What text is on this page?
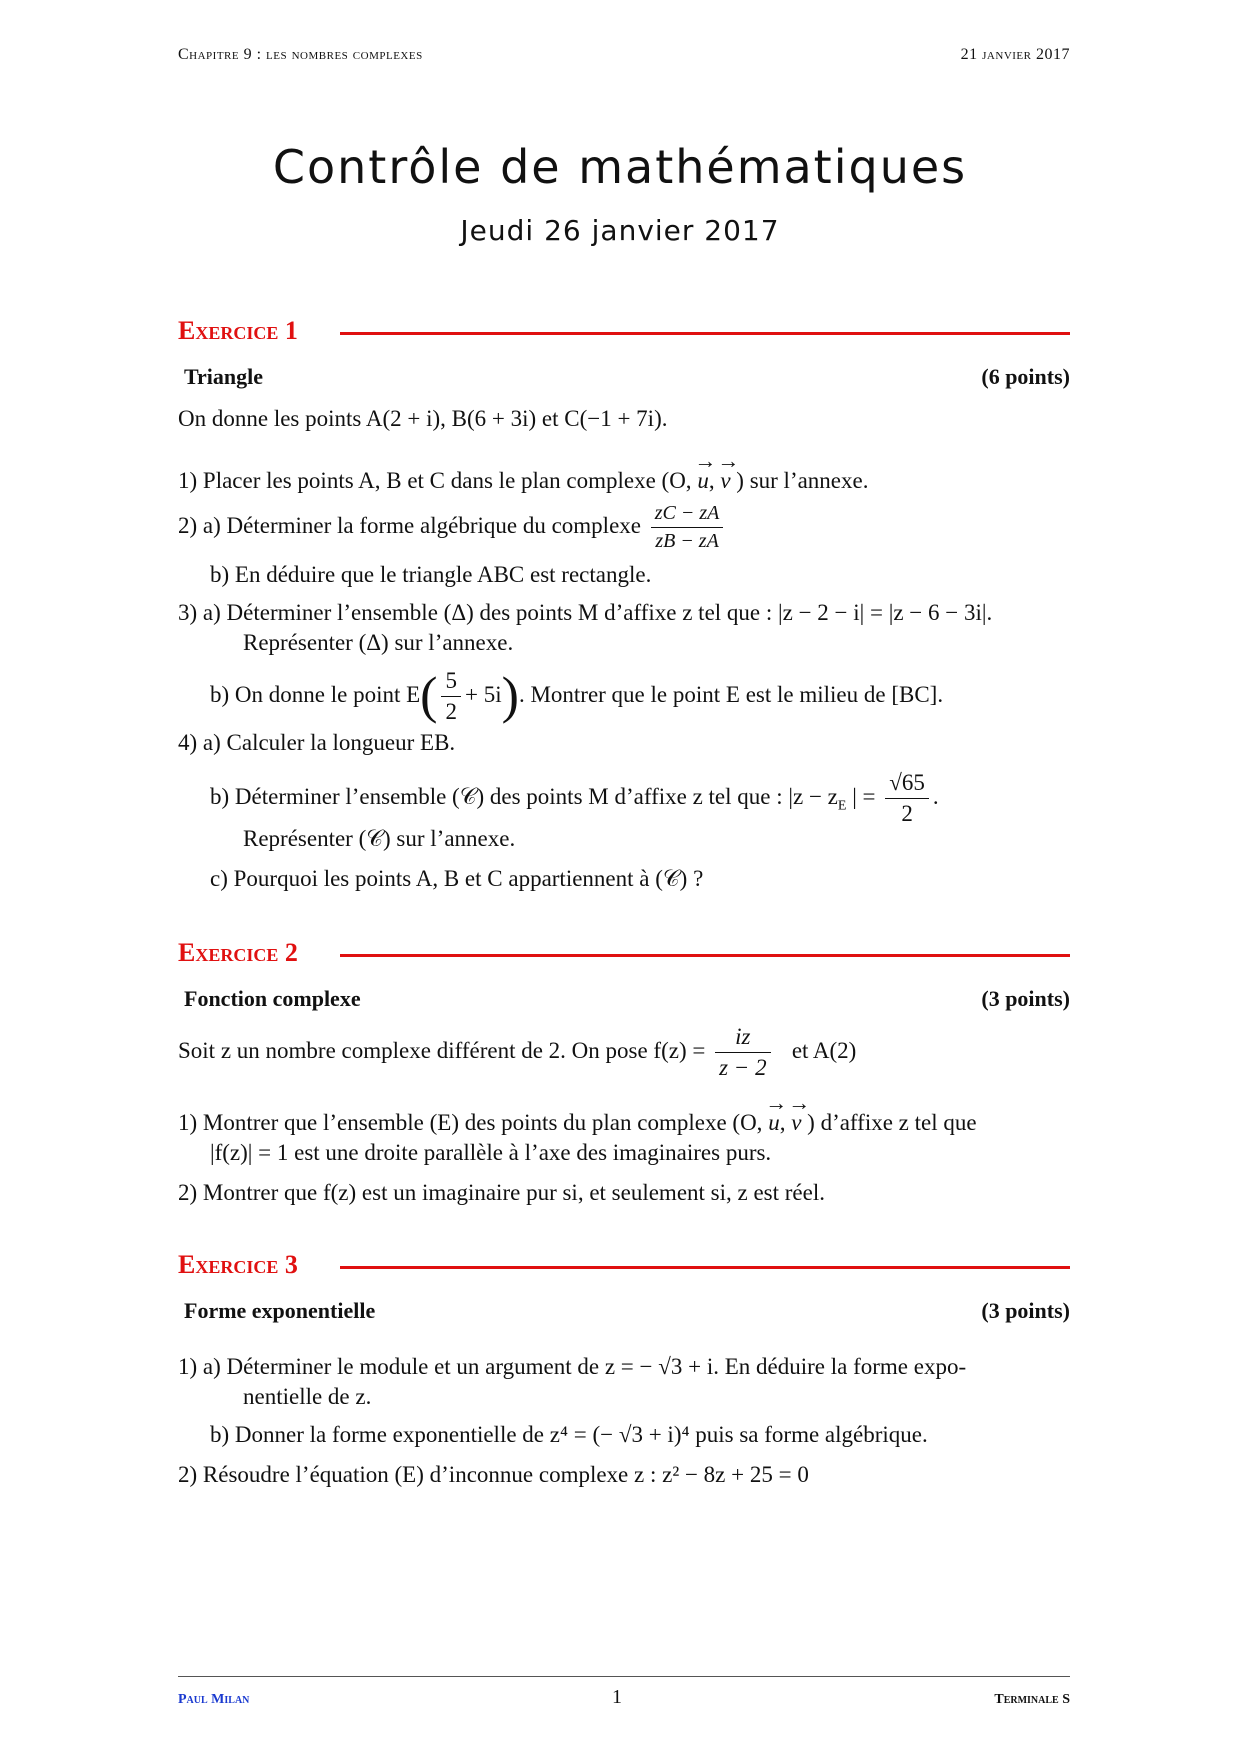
Chapitre 9 : les nombres complexes	21 janvier 2017
Contrôle de mathématiques
Jeudi 26 janvier 2017
Exercice 1
Triangle	(6 points)
On donne les points A(2 + i), B(6 + 3i) et C(−1 + 7i).
1) Placer les points A, B et C dans le plan complexe (O, → u, → v ) sur l’annexe.
2) a) Déterminer la forme algébrique du complexe $\frac{zC - zA}{zB - zA}$
b) En déduire que le triangle ABC est rectangle.
3) a) Déterminer l’ensemble (Δ) des points M d’affixe z tel que : |z − 2 − i| = |z − 6 − 3i|.
Représenter (Δ) sur l’annexe.
b) On donne le point $E( \frac{5}{2} + 5i)$. Montrer que le point E est le milieu de [BC].
4) a) Calculer la longueur EB.
b) Déterminer l’ensemble (𝒞) des points M d’affixe z tel que : $|z - z_E$ | = $\frac{√65}{2}$ .
Représenter (𝒞) sur l’annexe.
c) Pourquoi les points A, B et C appartiennent à (𝒞) ?
Exercice 2
Fonction complexe	(3 points)
Soit z un nombre complexe différent de 2. On pose $f(z) = \frac{iz}{z - 2}$ et A(2)
1) Montrer que l’ensemble (E) des points du plan complexe (O, → u, → v ) d’affixe z tel que
|f(z)| = 1 est une droite parallèle à l’axe des imaginaires purs.
2) Montrer que f(z) est un imaginaire pur si, et seulement si, z est réel.
Exercice 3
Forme exponentielle	(3 points)
1) a) Déterminer le module et un argument de z = − √3 + i. En déduire la forme expo-
nentielle de z.
b) Donner la forme exponentielle de z⁴ = (− √3 + i)⁴ puis sa forme algébrique.
2) Résoudre l’équation (E) d’inconnue complexe z : z² − 8z + 25 = 0
Paul Milan	1	Terminale S
